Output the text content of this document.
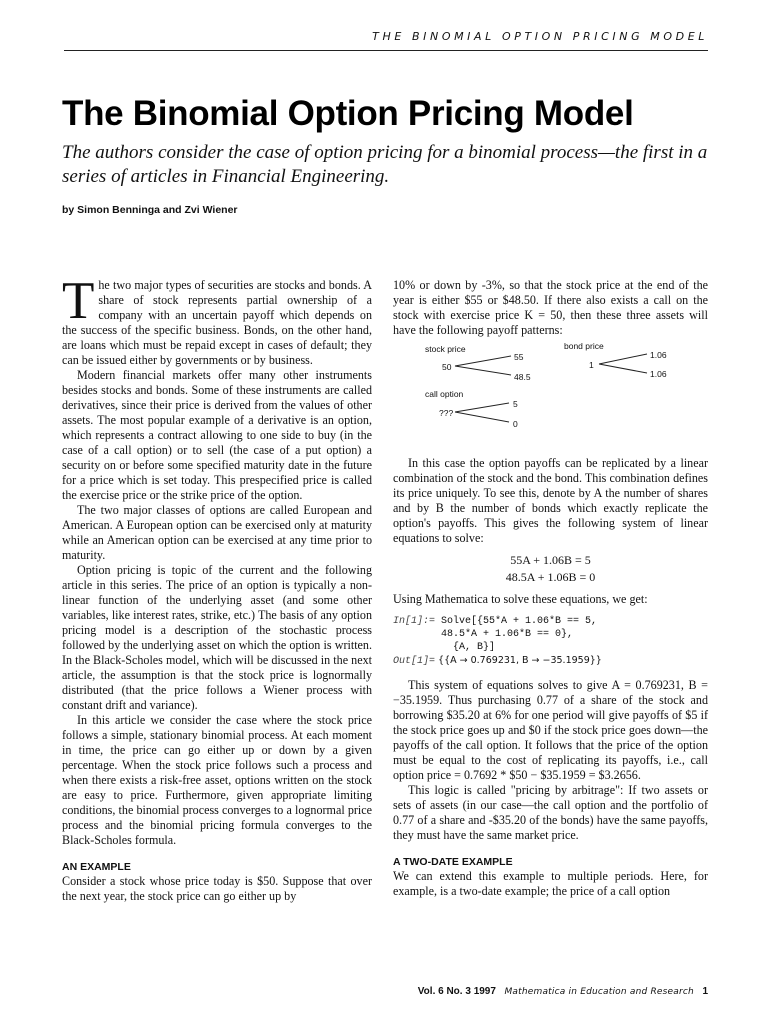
THE BINOMIAL OPTION PRICING MODEL
The Binomial Option Pricing Model
The authors consider the case of option pricing for a binomial process—the first in a series of articles in Financial Engineering.
by Simon Benninga and Zvi Wiener

The two major types of securities are stocks and bonds. A share of stock represents partial ownership of a company with an uncertain payoff which depends on the success of the specific business. Bonds, on the other hand, are loans which must be repaid except in cases of default; they can be issued either by governments or by business.

Modern financial markets offer many other instruments besides stocks and bonds. Some of these instruments are called derivatives, since their price is derived from the values of other assets. The most popular example of a derivative is an option, which represents a contract allowing to one side to buy (in the case of a call option) or to sell (the case of a put option) a security on or before some specified maturity date in the future for a price which is set today. This prespecified price is called the exercise price or the strike price of the option.

The two major classes of options are called European and American. A European option can be exercised only at maturity while an American option can be exercised at any time prior to maturity.

Option pricing is topic of the current and the following article in this series. The price of an option is typically a non-linear function of the underlying asset (and some other variables, like interest rates, strike, etc.) The basis of any option pricing model is a description of the stochastic process followed by the underlying asset on which the option is written. In the Black-Scholes model, which will be discussed in the next article, the assumption is that the stock price is lognormally distributed (that the price follows a Wiener process with constant drift and variance).

In this article we consider the case where the stock price follows a simple, stationary binomial process. At each moment in time, the price can go either up or down by a given percentage. When the stock price follows such a process and when there exists a risk-free asset, options written on the stock are easy to price. Furthermore, given appropriate limiting conditions, the binomial process converges to a lognormal price process and the binomial pricing formula converges to the Black-Scholes formula.

AN EXAMPLE

Consider a stock whose price today is $50. Suppose that over the next year, the stock price can go either up by

10% or down by -3%, so that the stock price at the end of the year is either $55 or $48.50. If there also exists a call on the stock with exercise price K = 50, then these three assets will have the following payoff patterns:

stock price
50
55
48.5
bond price
1
1.06
1.06
call option
???
5
0

In this case the option payoffs can be replicated by a linear combination of the stock and the bond. This combination defines its price uniquely. To see this, denote by A the number of shares and by B the number of bonds which exactly replicate the option's payoffs. This gives the following system of linear equations to solve:

55A + 1.06B = 5
48.5A + 1.06B = 0

Using Mathematica to solve these equations, we get:

In[1]:= Solve[{55*A + 1.06*B == 5,
48.5*A + 1.06*B == 0},
{A, B}]
Out[1]= {{A → 0.769231, B → −35.1959}}

This system of equations solves to give A = 0.769231, B = −35.1959. Thus purchasing 0.77 of a share of the stock and borrowing $35.20 at 6% for one period will give payoffs of $5 if the stock price goes up and $0 if the stock price goes down—the payoffs of the call option. It follows that the price of the option must be equal to the cost of replicating its payoffs, i.e., call option price = 0.7692 * $50 − $35.1959 = $3.2656.

This logic is called "pricing by arbitrage": If two assets or sets of assets (in our case—the call option and the portfolio of 0.77 of a share and -$35.20 of the bonds) have the same payoffs, they must have the same market price.

A TWO-DATE EXAMPLE

We can extend this example to multiple periods. Here, for example, is a two-date example; the price of a call option

Vol. 6 No. 3 1997 Mathematica in Education and Research 1
